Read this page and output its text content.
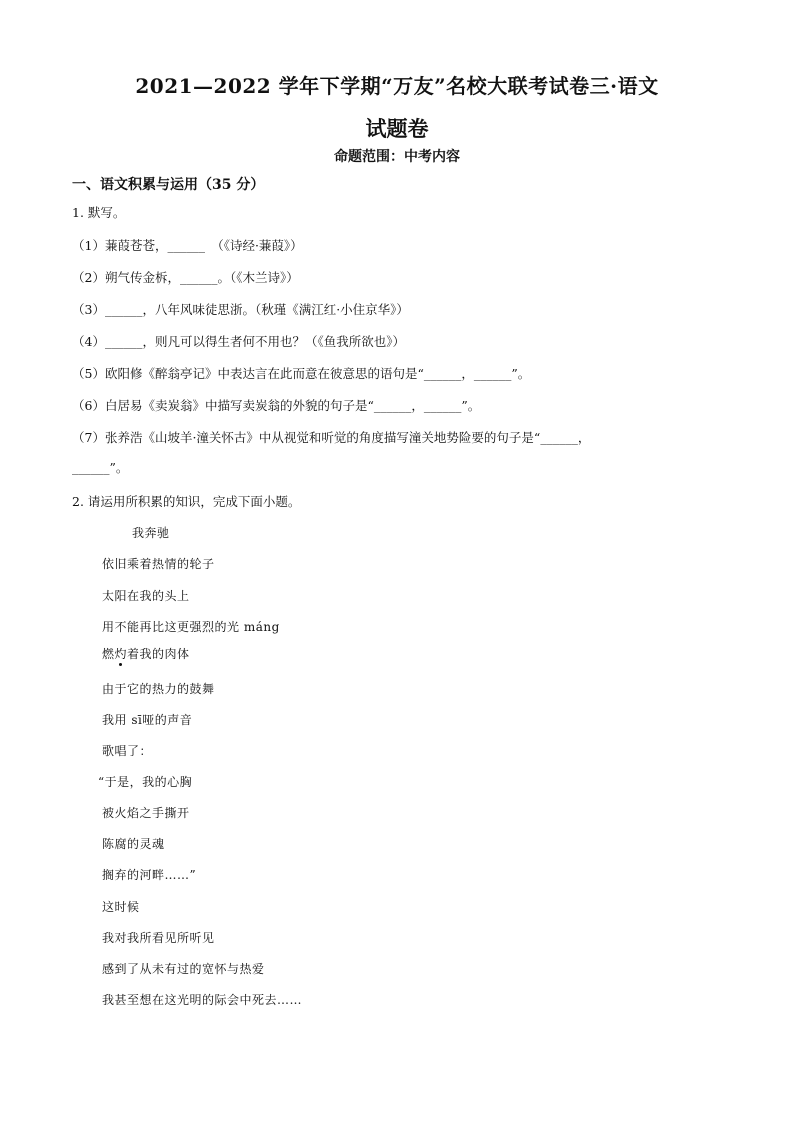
2021—2022 学年下学期“万友”名校大联考试卷三·语文
试题卷
命题范围：中考内容
一、语文积累与运用（35 分）
1. 默写。
（1）蒹葭苍苍，______　（《诗经·蒹葭》）
（2）朔气传金柝，______。（《木兰诗》）
（3）______，八年风味徒思浙。（秋瑾《满江红·小住京华》）
（4）______，则凡可以得生者何不用也？（《鱼我所欲也》）
（5）欧阳修《醉翁亭记》中表达言在此而意在彼意思的语句是“______，______”。
（6）白居易《卖炭翁》中描写卖炭翁的外貌的句子是“______，______”。
（7）张养浩《山坡羊·潼关怀古》中从视觉和听觉的角度描写潼关地势险要的句子是“______，
______”。
2. 请运用所积累的知识，完成下面小题。
我奔驰
依旧乘着热情的轮子
太阳在我的头上
用不能再比这更强烈的光 máng
燃灼着我的肉体
由于它的热力的鼓舞
我用 sī哑的声音
歌唱了：
“于是，我的心胸
被火焰之手撕开
陈腐的灵魂
搁弃的河畔……”
这时候
我对我所看见所听见
感到了从未有过的宽怀与热爱
我甚至想在这光明的际会中死去……
